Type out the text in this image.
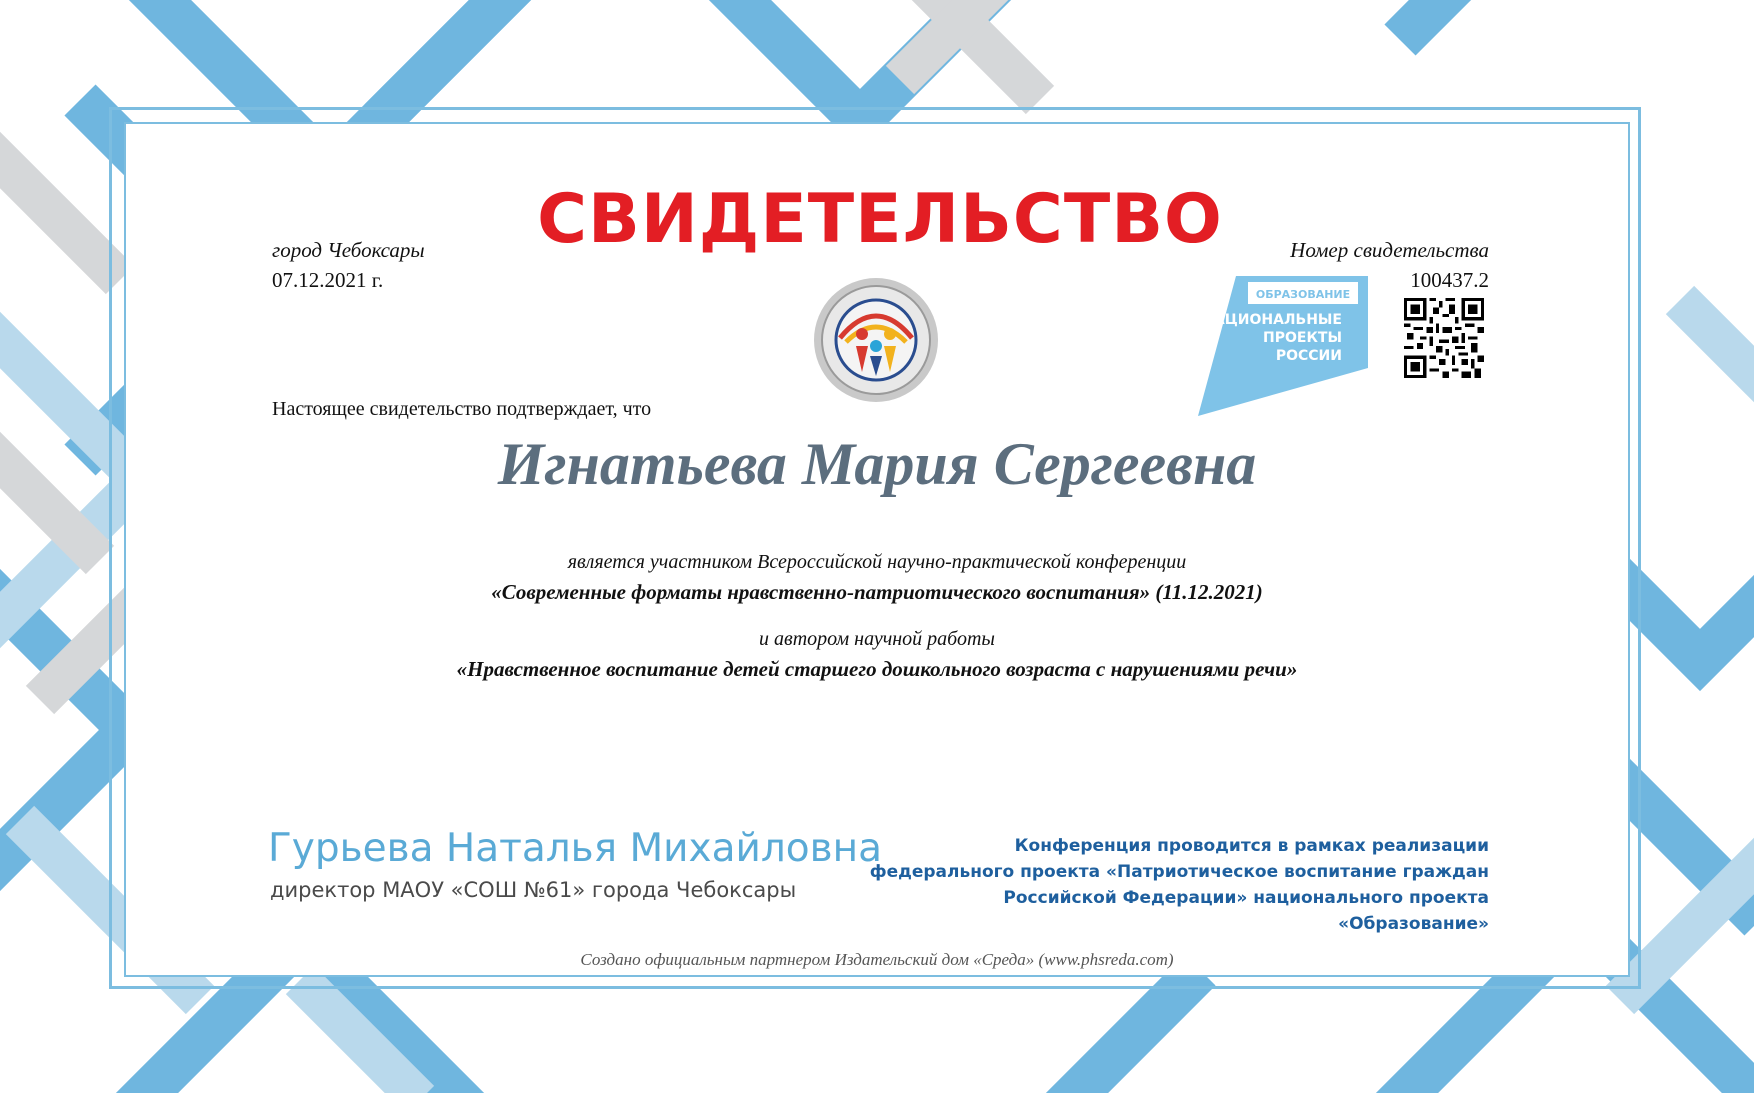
СВИДЕТЕЛЬСТВО
город Чебоксары
07.12.2021 г.
Номер свидетельства
100437.2
ОБРАЗОВАНИЕ
НАЦИОНАЛЬНЫЕ
ПРОЕКТЫ
РОССИИ
Настоящее свидетельство подтверждает, что
Игнатьева Мария Сергеевна
является участником Всероссийской научно-практической конференции
«Современные форматы нравственно-патриотического воспитания» (11.12.2021)
и автором научной работы
«Нравственное воспитание детей старшего дошкольного возраста с нарушениями речи»
Гурьева Наталья Михайловна
директор МАОУ «СОШ №61» города Чебоксары
Конференция проводится в рамках реализации
федерального проекта «Патриотическое воспитание граждан
Российской Федерации» национального проекта «Образование»
Создано официальным партнером Издательский дом «Среда» (www.phsreda.com)
